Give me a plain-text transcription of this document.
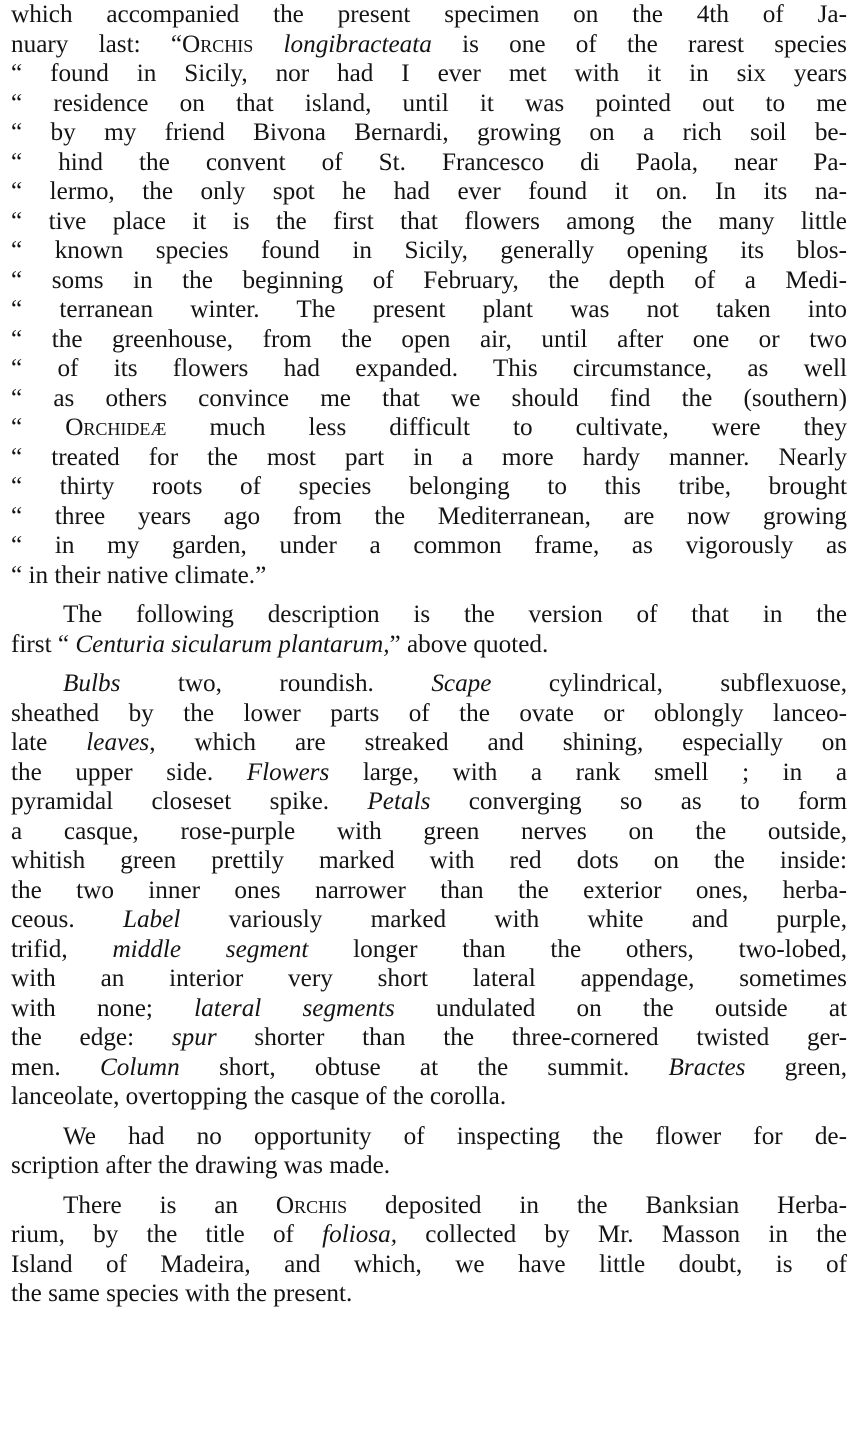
which accompanied the present specimen on the 4th of Ja-
nuary last: “Orchis longibracteata is one of the rarest species
“ found in Sicily, nor had I ever met with it in six years
“ residence on that island, until it was pointed out to me
“ by my friend Bivona Bernardi, growing on a rich soil be-
“ hind the convent of St. Francesco di Paola, near Pa-
“ lermo, the only spot he had ever found it on. In its na-
“ tive place it is the first that flowers among the many little
“ known species found in Sicily, generally opening its blos-
“ soms in the beginning of February, the depth of a Medi-
“ terranean winter. The present plant was not taken into
“ the greenhouse, from the open air, until after one or two
“ of its flowers had expanded. This circumstance, as well
“ as others convince me that we should find the (southern)
“ Orchideæ much less difficult to cultivate, were they
“ treated for the most part in a more hardy manner. Nearly
“ thirty roots of species belonging to this tribe, brought
“ three years ago from the Mediterranean, are now growing
“ in my garden, under a common frame, as vigorously as
“ in their native climate.”
The following description is the version of that in the
first “ Centuria sicularum plantarum,” above quoted.
Bulbs two, roundish. Scape cylindrical, subflexuose,
sheathed by the lower parts of the ovate or oblongly lanceo-
late leaves, which are streaked and shining, especially on
the upper side. Flowers large, with a rank smell ; in a
pyramidal closeset spike. Petals converging so as to form
a casque, rose-purple with green nerves on the outside,
whitish green prettily marked with red dots on the inside:
the two inner ones narrower than the exterior ones, herba-
ceous. Label variously marked with white and purple,
trifid, middle segment longer than the others, two-lobed,
with an interior very short lateral appendage, sometimes
with none; lateral segments undulated on the outside at
the edge: spur shorter than the three-cornered twisted ger-
men. Column short, obtuse at the summit. Bractes green,
lanceolate, overtopping the casque of the corolla.
We had no opportunity of inspecting the flower for de-
scription after the drawing was made.
There is an Orchis deposited in the Banksian Herba-
rium, by the title of foliosa, collected by Mr. Masson in the
Island of Madeira, and which, we have little doubt, is of
the same species with the present.
